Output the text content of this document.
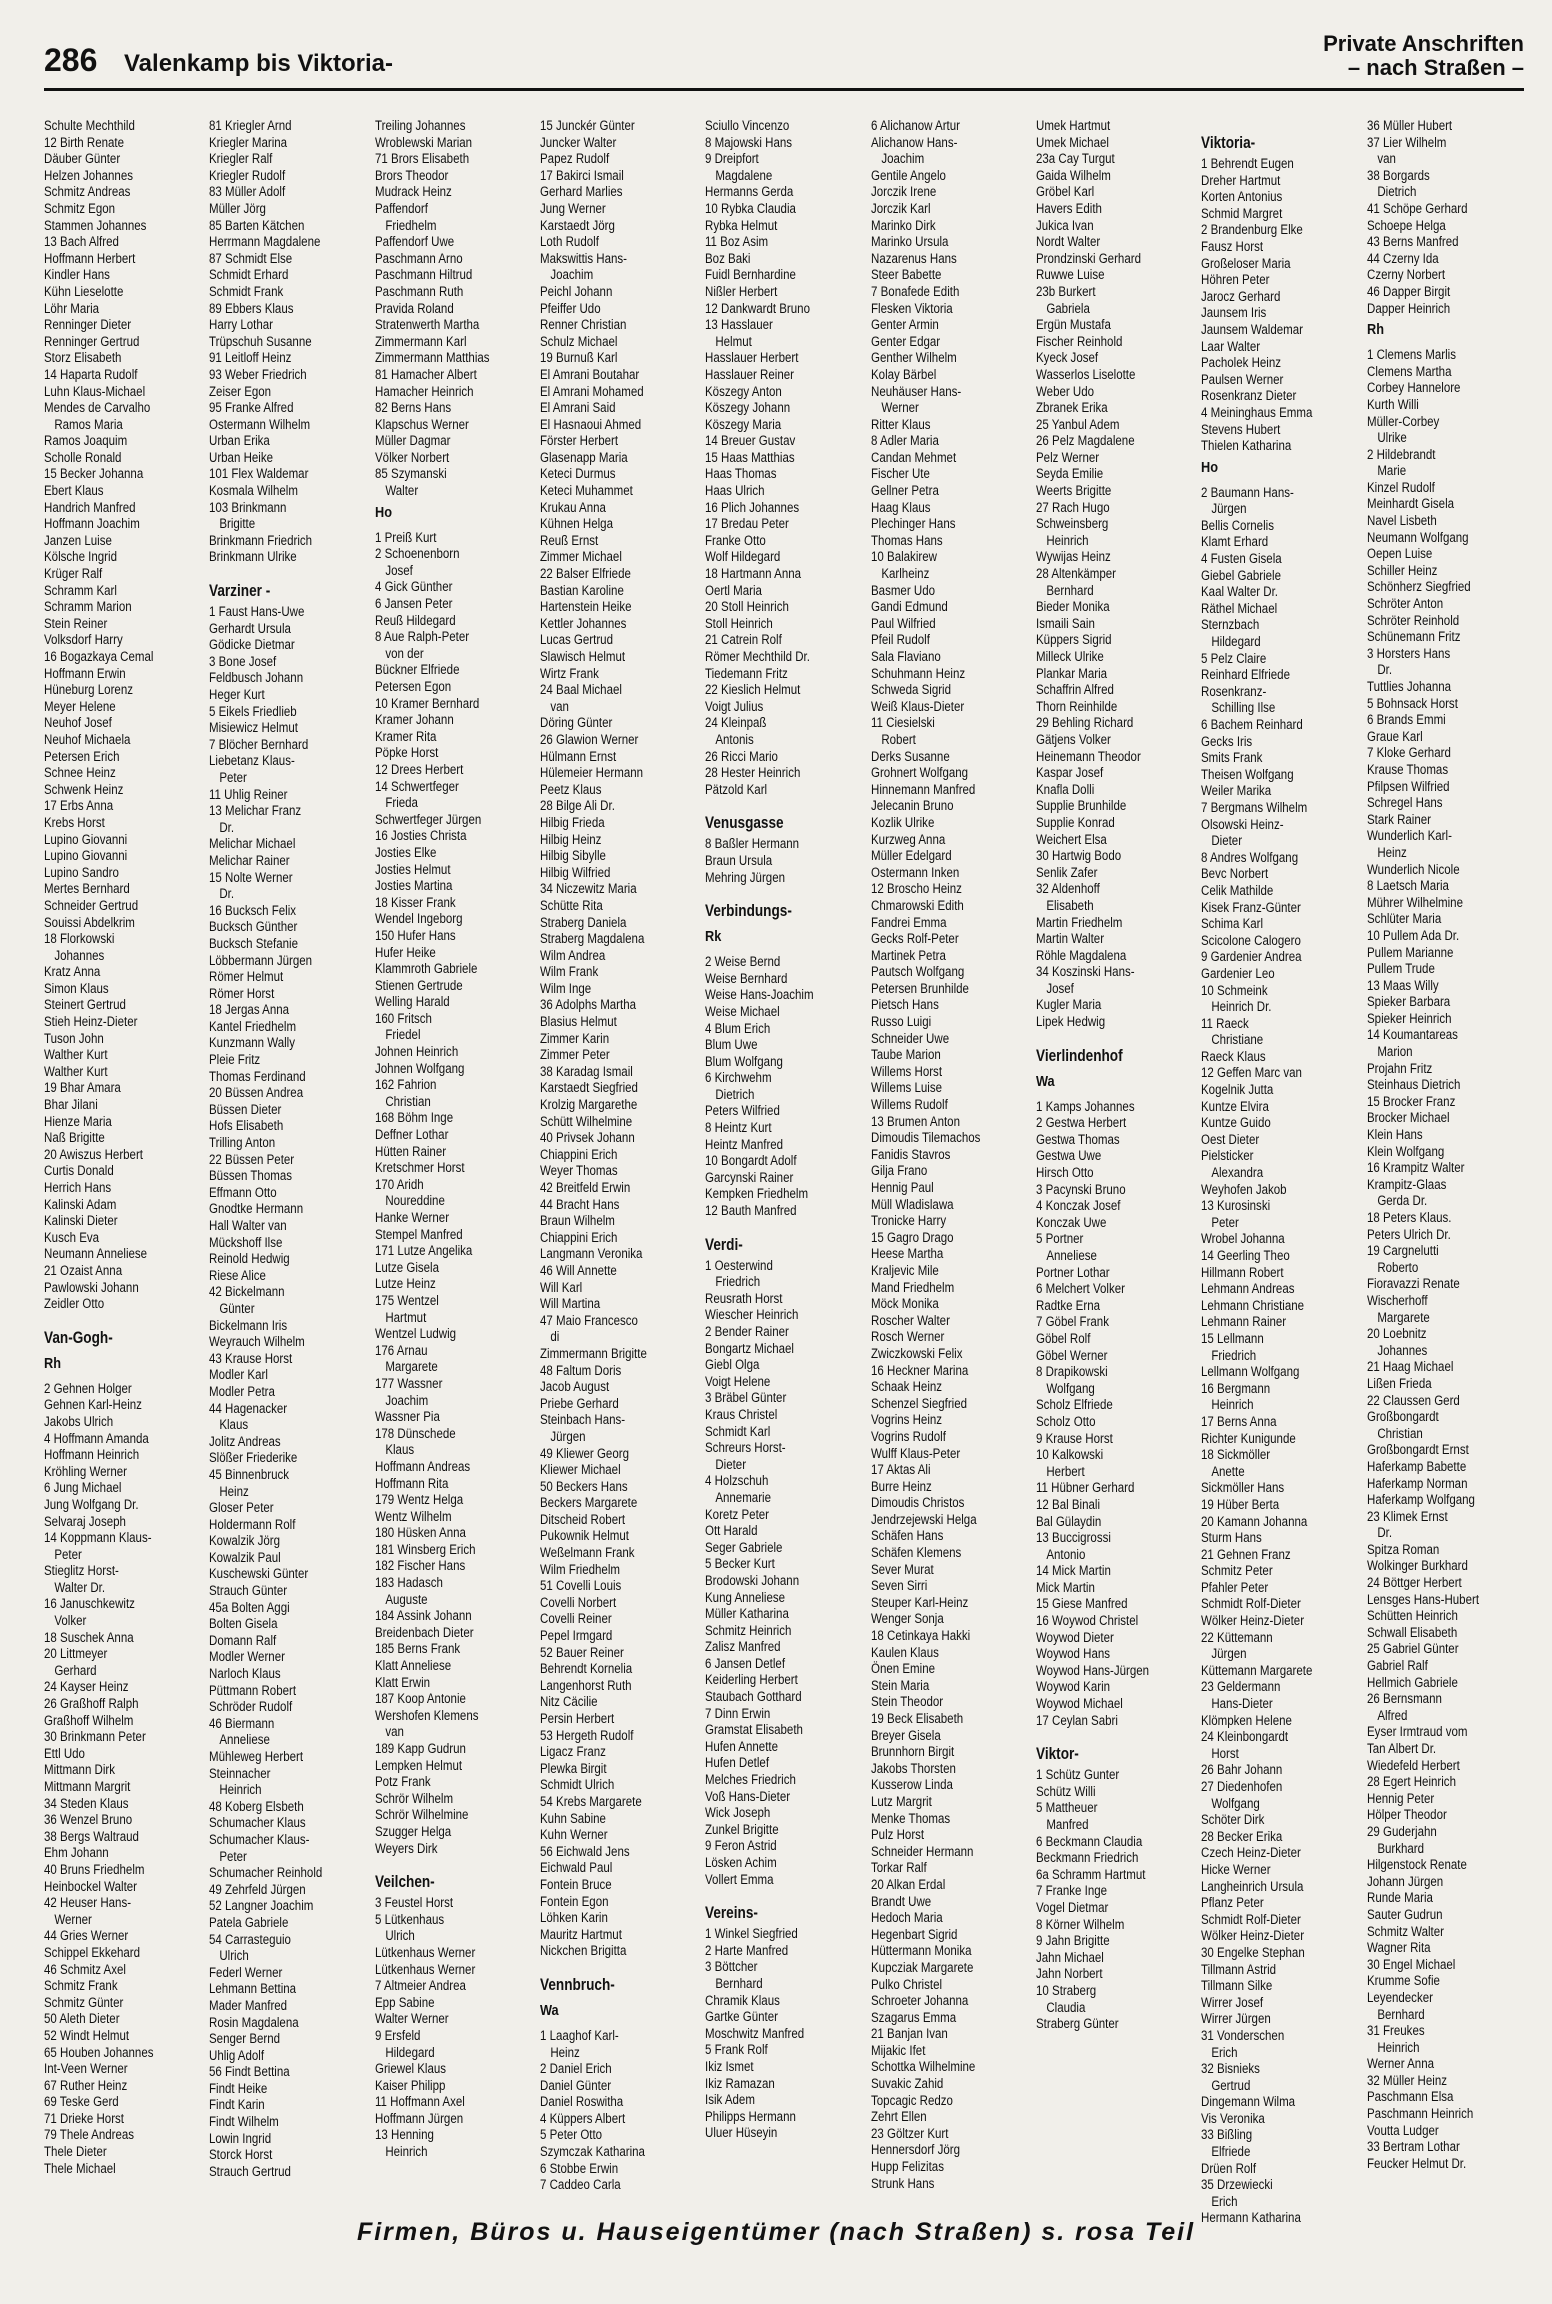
286 Valenkamp bis Viktoria-
Private Anschriften
– nach Straßen –
Schulte Mechthild
12 Birth Renate
Däuber Günter
Helzen Johannes
Schmitz Andreas
Schmitz Egon
Stammen Johannes
13 Bach Alfred
Hoffmann Herbert
Kindler Hans
Kühn Lieselotte
Löhr Maria
Renninger Dieter
Renninger Gertrud
Storz Elisabeth
14 Haparta Rudolf
Luhn Klaus-Michael
Mendes de Carvalho
Ramos Maria
Ramos Joaquim
Scholle Ronald
15 Becker Johanna
Ebert Klaus
Handrich Manfred
Hoffmann Joachim
Janzen Luise
Kölsche Ingrid
Krüger Ralf
Schramm Karl
Schramm Marion
Stein Reiner
Volksdorf Harry
16 Bogazkaya Cemal
Hoffmann Erwin
Hüneburg Lorenz
Meyer Helene
Neuhof Josef
Neuhof Michaela
Petersen Erich
Schnee Heinz
Schwenk Heinz
17 Erbs Anna
Krebs Horst
Lupino Giovanni
Lupino Giovanni
Lupino Sandro
Mertes Bernhard
Schneider Gertrud
Souissi Abdelkrim
18 Florkowski
Johannes
Kratz Anna
Simon Klaus
Steinert Gertrud
Stieh Heinz-Dieter
Tuson John
Walther Kurt
Walther Kurt
19 Bhar Amara
Bhar Jilani
Hienze Maria
Naß Brigitte
20 Awiszus Herbert
Curtis Donald
Herrich Hans
Kalinski Adam
Kalinski Dieter
Kusch Eva
Neumann Anneliese
21 Ozaist Anna
Pawlowski Johann
Zeidler Otto
Van-Gogh-
Rh
2 Gehnen Holger
Gehnen Karl-Heinz
Jakobs Ulrich
4 Hoffmann Amanda
Hoffmann Heinrich
Kröhling Werner
6 Jung Michael
Jung Wolfgang Dr.
Selvaraj Joseph
14 Koppmann Klaus-
Peter
Stieglitz Horst-
Walter Dr.
16 Januschkewitz
Volker
18 Suschek Anna
20 Littmeyer
Gerhard
24 Kayser Heinz
26 Graßhoff Ralph
Graßhoff Wilhelm
30 Brinkmann Peter
Ettl Udo
Mittmann Dirk
Mittmann Margrit
34 Steden Klaus
36 Wenzel Bruno
38 Bergs Waltraud
Ehm Johann
40 Bruns Friedhelm
Heinbockel Walter
42 Heuser Hans-
Werner
44 Gries Werner
Schippel Ekkehard
46 Schmitz Axel
Schmitz Frank
Schmitz Günter
50 Aleth Dieter
52 Windt Helmut
65 Houben Johannes
Int-Veen Werner
67 Ruther Heinz
69 Teske Gerd
71 Drieke Horst
79 Thele Andreas
Thele Dieter
Thele Michael
81 Kriegler Arnd
Kriegler Marina
Kriegler Ralf
Kriegler Rudolf
83 Müller Adolf
Müller Jörg
85 Barten Kätchen
Herrmann Magdalene
87 Schmidt Else
Schmidt Erhard
Schmidt Frank
89 Ebbers Klaus
Harry Lothar
Trüpschuh Susanne
91 Leitloff Heinz
93 Weber Friedrich
Zeiser Egon
95 Franke Alfred
Ostermann Wilhelm
Urban Erika
Urban Heike
101 Flex Waldemar
Kosmala Wilhelm
103 Brinkmann
Brigitte
Brinkmann Friedrich
Brinkmann Ulrike
Varziner -
1 Faust Hans-Uwe
Gerhardt Ursula
Gödicke Dietmar
3 Bone Josef
Feldbusch Johann
Heger Kurt
5 Eikels Friedlieb
Misiewicz Helmut
7 Blöcher Bernhard
Liebetanz Klaus-
Peter
11 Uhlig Reiner
13 Melichar Franz
Dr.
Melichar Michael
Melichar Rainer
15 Nolte Werner
Dr.
16 Bucksch Felix
Bucksch Günther
Bucksch Stefanie
Löbbermann Jürgen
Römer Helmut
Römer Horst
18 Jergas Anna
Kantel Friedhelm
Kunzmann Wally
Pleie Fritz
Thomas Ferdinand
20 Büssen Andrea
Büssen Dieter
Hofs Elisabeth
Trilling Anton
22 Büssen Peter
Büssen Thomas
Effmann Otto
Gnodtke Hermann
Hall Walter van
Mückshoff Ilse
Reinold Hedwig
Riese Alice
42 Bickelmann
Günter
Bickelmann Iris
Weyrauch Wilhelm
43 Krause Horst
Modler Karl
Modler Petra
44 Hagenacker
Klaus
Jolitz Andreas
Slößer Friederike
45 Binnenbruck
Heinz
Gloser Peter
Holdermann Rolf
Kowalzik Jörg
Kowalzik Paul
Kuschewski Günter
Strauch Günter
45a Bolten Aggi
Bolten Gisela
Domann Ralf
Modler Werner
Narloch Klaus
Püttmann Robert
Schröder Rudolf
46 Biermann
Anneliese
Mühleweg Herbert
Steinnacher
Heinrich
48 Koberg Elsbeth
Schumacher Klaus
Schumacher Klaus-
Peter
Schumacher Reinhold
49 Zehrfeld Jürgen
52 Langner Joachim
Patela Gabriele
54 Carrasteguio
Ulrich
Federl Werner
Lehmann Bettina
Mader Manfred
Rosin Magdalena
Senger Bernd
Uhlig Adolf
56 Findt Bettina
Findt Heike
Findt Karin
Findt Wilhelm
Lowin Ingrid
Storck Horst
Strauch Gertrud
Treiling Johannes
Wroblewski Marian
71 Brors Elisabeth
Brors Theodor
Mudrack Heinz
Paffendorf
Friedhelm
Paffendorf Uwe
Paschmann Arno
Paschmann Hiltrud
Paschmann Ruth
Pravida Roland
Stratenwerth Martha
Zimmermann Karl
Zimmermann Matthias
81 Hamacher Albert
Hamacher Heinrich
82 Berns Hans
Klapschus Werner
Müller Dagmar
Völker Norbert
85 Szymanski
Walter
Ho
1 Preiß Kurt
2 Schoenenborn
Josef
4 Gick Günther
6 Jansen Peter
Reuß Hildegard
8 Aue Ralph-Peter
von der
Bückner Elfriede
Petersen Egon
10 Kramer Bernhard
Kramer Johann
Kramer Rita
Pöpke Horst
12 Drees Herbert
14 Schwertfeger
Frieda
Schwertfeger Jürgen
16 Josties Christa
Josties Elke
Josties Helmut
Josties Martina
18 Kisser Frank
Wendel Ingeborg
150 Hufer Hans
Hufer Heike
Klammroth Gabriele
Stienen Gertrude
Welling Harald
160 Fritsch
Friedel
Johnen Heinrich
Johnen Wolfgang
162 Fahrion
Christian
168 Böhm Inge
Deffner Lothar
Hütten Rainer
Kretschmer Horst
170 Aridh
Noureddine
Hanke Werner
Stempel Manfred
171 Lutze Angelika
Lutze Gisela
Lutze Heinz
175 Wentzel
Hartmut
Wentzel Ludwig
176 Arnau
Margarete
177 Wassner
Joachim
Wassner Pia
178 Dünschede
Klaus
Hoffmann Andreas
Hoffmann Rita
179 Wentz Helga
Wentz Wilhelm
180 Hüsken Anna
181 Winsberg Erich
182 Fischer Hans
183 Hadasch
Auguste
184 Assink Johann
Breidenbach Dieter
185 Berns Frank
Klatt Anneliese
Klatt Erwin
187 Koop Antonie
Wershofen Klemens
van
189 Kapp Gudrun
Lempken Helmut
Potz Frank
Schrör Wilhelm
Schrör Wilhelmine
Szugger Helga
Weyers Dirk
Veilchen-
3 Feustel Horst
5 Lütkenhaus
Ulrich
Lütkenhaus Werner
Lütkenhaus Werner
7 Altmeier Andrea
Epp Sabine
Walter Werner
9 Ersfeld
Hildegard
Griewel Klaus
Kaiser Philipp
11 Hoffmann Axel
Hoffmann Jürgen
13 Henning
Heinrich
15 Junckér Günter
Juncker Walter
Papez Rudolf
17 Bakirci Ismail
Gerhard Marlies
Jung Werner
Karstaedt Jörg
Loth Rudolf
Makswittis Hans-
Joachim
Peichl Johann
Pfeiffer Udo
Renner Christian
Schulz Michael
19 Burnuß Karl
El Amrani Boutahar
El Amrani Mohamed
El Amrani Said
El Hasnaoui Ahmed
Förster Herbert
Glasenapp Maria
Keteci Durmus
Keteci Muhammet
Krukau Anna
Kühnen Helga
Reuß Ernst
Zimmer Michael
22 Balser Elfriede
Bastian Karoline
Hartenstein Heike
Kettler Johannes
Lucas Gertrud
Slawisch Helmut
Wirtz Frank
24 Baal Michael
van
Döring Günter
26 Glawion Werner
Hülmann Ernst
Hülemeier Hermann
Peetz Klaus
28 Bilge Ali Dr.
Hilbig Frieda
Hilbig Heinz
Hilbig Sibylle
Hilbig Wilfried
34 Niczewitz Maria
Schütte Rita
Straberg Daniela
Straberg Magdalena
Wilm Andrea
Wilm Frank
Wilm Inge
36 Adolphs Martha
Blasius Helmut
Zimmer Karin
Zimmer Peter
38 Karadag Ismail
Karstaedt Siegfried
Krolzig Margarethe
Schütt Wilhelmine
40 Privsek Johann
Chiappini Erich
Weyer Thomas
42 Breitfeld Erwin
44 Bracht Hans
Braun Wilhelm
Chiappini Erich
Langmann Veronika
46 Will Annette
Will Karl
Will Martina
47 Maio Francesco
di
Zimmermann Brigitte
48 Faltum Doris
Jacob August
Priebe Gerhard
Steinbach Hans-
Jürgen
49 Kliewer Georg
Kliewer Michael
50 Beckers Hans
Beckers Margarete
Ditscheid Robert
Pukownik Helmut
Weßelmann Frank
Wilm Friedhelm
51 Covelli Louis
Covelli Norbert
Covelli Reiner
Pepel Irmgard
52 Bauer Reiner
Behrendt Kornelia
Langenhorst Ruth
Nitz Cäcilie
Persin Herbert
53 Hergeth Rudolf
Ligacz Franz
Plewka Birgit
Schmidt Ulrich
54 Krebs Margarete
Kuhn Sabine
Kuhn Werner
56 Eichwald Jens
Eichwald Paul
Fontein Bruce
Fontein Egon
Löhken Karin
Mauritz Hartmut
Nickchen Brigitta
Vennbruch-
Wa
1 Laaghof Karl-
Heinz
2 Daniel Erich
Daniel Günter
Daniel Roswitha
4 Küppers Albert
5 Peter Otto
Szymczak Katharina
6 Stobbe Erwin
7 Caddeo Carla
Sciullo Vincenzo
8 Majowski Hans
9 Dreipfort
Magdalene
Hermanns Gerda
10 Rybka Claudia
Rybka Helmut
11 Boz Asim
Boz Baki
Fuidl Bernhardine
Nißler Herbert
12 Dankwardt Bruno
13 Hasslauer
Helmut
Hasslauer Herbert
Hasslauer Reiner
Köszegy Anton
Köszegy Johann
Köszegy Maria
14 Breuer Gustav
15 Haas Matthias
Haas Thomas
Haas Ulrich
16 Plich Johannes
17 Bredau Peter
Franke Otto
Wolf Hildegard
18 Hartmann Anna
Oertl Maria
20 Stoll Heinrich
Stoll Heinrich
21 Catrein Rolf
Römer Mechthild Dr.
Tiedemann Fritz
22 Kieslich Helmut
Voigt Julius
24 Kleinpaß
Antonis
26 Ricci Mario
28 Hester Heinrich
Pätzold Karl
Venusgasse
8 Baßler Hermann
Braun Ursula
Mehring Jürgen
Verbindungs-
Rk
2 Weise Bernd
Weise Bernhard
Weise Hans-Joachim
Weise Michael
4 Blum Erich
Blum Uwe
Blum Wolfgang
6 Kirchwehm
Dietrich
Peters Wilfried
8 Heintz Kurt
Heintz Manfred
10 Bongardt Adolf
Garcynski Rainer
Kempken Friedhelm
12 Bauth Manfred
Verdi-
1 Oesterwind
Friedrich
Reusrath Horst
Wiescher Heinrich
2 Bender Rainer
Bongartz Michael
Giebl Olga
Voigt Helene
3 Bräbel Günter
Kraus Christel
Schmidt Karl
Schreurs Horst-
Dieter
4 Holzschuh
Annemarie
Koretz Peter
Ott Harald
Seger Gabriele
5 Becker Kurt
Brodowski Johann
Kung Anneliese
Müller Katharina
Schmitz Heinrich
Zalisz Manfred
6 Jansen Detlef
Keiderling Herbert
Staubach Gotthard
7 Dinn Erwin
Gramstat Elisabeth
Hufen Annette
Hufen Detlef
Melches Friedrich
Voß Hans-Dieter
Wick Joseph
Zunkel Brigitte
9 Feron Astrid
Lösken Achim
Vollert Emma
Vereins-
1 Winkel Siegfried
2 Harte Manfred
3 Böttcher
Bernhard
Chramik Klaus
Gartke Günter
Moschwitz Manfred
5 Frank Rolf
Ikiz Ismet
Ikiz Ramazan
Isik Adem
Philipps Hermann
Uluer Hüseyin
6 Alichanow Artur
Alichanow Hans-
Joachim
Gentile Angelo
Jorczik Irene
Jorczik Karl
Marinko Dirk
Marinko Ursula
Nazarenus Hans
Steer Babette
7 Bonafede Edith
Flesken Viktoria
Genter Armin
Genter Edgar
Genther Wilhelm
Kolay Bärbel
Neuhäuser Hans-
Werner
Ritter Klaus
8 Adler Maria
Candan Mehmet
Fischer Ute
Gellner Petra
Haag Klaus
Plechinger Hans
Thomas Hans
10 Balakirew
Karlheinz
Basmer Udo
Gandi Edmund
Paul Wilfried
Pfeil Rudolf
Sala Flaviano
Schuhmann Heinz
Schweda Sigrid
Weiß Klaus-Dieter
11 Ciesielski
Robert
Derks Susanne
Grohnert Wolfgang
Hinnemann Manfred
Jelecanin Bruno
Kozlik Ulrike
Kurzweg Anna
Müller Edelgard
Ostermann Inken
12 Broscho Heinz
Chmarowski Edith
Fandrei Emma
Gecks Rolf-Peter
Martinek Petra
Pautsch Wolfgang
Petersen Brunhilde
Pietsch Hans
Russo Luigi
Schneider Uwe
Taube Marion
Willems Horst
Willems Luise
Willems Rudolf
13 Brumen Anton
Dimoudis Tilemachos
Fanidis Stavros
Gilja Frano
Hennig Paul
Müll Wladislawa
Tronicke Harry
15 Gagro Drago
Heese Martha
Kraljevic Mile
Mand Friedhelm
Möck Monika
Roscher Walter
Rosch Werner
Zwiczkowski Felix
16 Heckner Marina
Schaak Heinz
Schenzel Siegfried
Vogrins Heinz
Vogrins Rudolf
Wulff Klaus-Peter
17 Aktas Ali
Burre Heinz
Dimoudis Christos
Jendrzejewski Helga
Schäfen Hans
Schäfen Klemens
Sever Murat
Seven Sirri
Steuper Karl-Heinz
Wenger Sonja
18 Cetinkaya Hakki
Kaulen Klaus
Önen Emine
Stein Maria
Stein Theodor
19 Beck Elisabeth
Breyer Gisela
Brunnhorn Birgit
Jakobs Thorsten
Kusserow Linda
Lutz Margrit
Menke Thomas
Pulz Horst
Schneider Hermann
Torkar Ralf
20 Alkan Erdal
Brandt Uwe
Hedoch Maria
Hegenbart Sigrid
Hüttermann Monika
Kupcziak Margarete
Pulko Christel
Schroeter Johanna
Szagarus Emma
21 Banjan Ivan
Mijakic Ifet
Schottka Wilhelmine
Suvakic Zahid
Topcagic Redzo
Zehrt Ellen
23 Göltzer Kurt
Hennersdorf Jörg
Hupp Felizitas
Strunk Hans
Umek Hartmut
Umek Michael
23a Cay Turgut
Gaida Wilhelm
Gröbel Karl
Havers Edith
Jukica Ivan
Nordt Walter
Prondzinski Gerhard
Ruwwe Luise
23b Burkert
Gabriela
Ergün Mustafa
Fischer Reinhold
Kyeck Josef
Wasserlos Liselotte
Weber Udo
Zbranek Erika
25 Yanbul Adem
26 Pelz Magdalene
Pelz Werner
Seyda Emilie
Weerts Brigitte
27 Rach Hugo
Schweinsberg
Heinrich
Wywijas Heinz
28 Altenkämper
Bernhard
Bieder Monika
Ismaili Sain
Küppers Sigrid
Milleck Ulrike
Plankar Maria
Schaffrin Alfred
Thorn Reinhilde
29 Behling Richard
Gätjens Volker
Heinemann Theodor
Kaspar Josef
Knafla Dolli
Supplie Brunhilde
Supplie Konrad
Weichert Elsa
30 Hartwig Bodo
Senlik Zafer
32 Aldenhoff
Elisabeth
Martin Friedhelm
Martin Walter
Röhle Magdalena
34 Koszinski Hans-
Josef
Kugler Maria
Lipek Hedwig
Vierlindenhof
Wa
1 Kamps Johannes
2 Gestwa Herbert
Gestwa Thomas
Gestwa Uwe
Hirsch Otto
3 Pacynski Bruno
4 Konczak Josef
Konczak Uwe
5 Portner
Anneliese
Portner Lothar
6 Melchert Volker
Radtke Erna
7 Göbel Frank
Göbel Rolf
Göbel Werner
8 Drapikowski
Wolfgang
Scholz Elfriede
Scholz Otto
9 Krause Horst
10 Kalkowski
Herbert
11 Hübner Gerhard
12 Bal Binali
Bal Gülaydin
13 Buccigrossi
Antonio
14 Mick Martin
Mick Martin
15 Giese Manfred
16 Woywod Christel
Woywod Dieter
Woywod Hans
Woywod Hans-Jürgen
Woywod Karin
Woywod Michael
17 Ceylan Sabri
Viktor-
1 Schütz Gunter
Schütz Willi
5 Mattheuer
Manfred
6 Beckmann Claudia
Beckmann Friedrich
6a Schramm Hartmut
7 Franke Inge
Vogel Dietmar
8 Körner Wilhelm
9 Jahn Brigitte
Jahn Michael
Jahn Norbert
10 Straberg
Claudia
Straberg Günter
Viktoria-
1 Behrendt Eugen
Dreher Hartmut
Korten Antonius
Schmid Margret
2 Brandenburg Elke
Fausz Horst
Großeloser Maria
Höhren Peter
Jarocz Gerhard
Jaunsem Iris
Jaunsem Waldemar
Laar Walter
Pacholek Heinz
Paulsen Werner
Rosenkranz Dieter
4 Meininghaus Emma
Stevens Hubert
Thielen Katharina
Ho
2 Baumann Hans-
Jürgen
Bellis Cornelis
Klamt Erhard
4 Fusten Gisela
Giebel Gabriele
Kaal Walter Dr.
Räthel Michael
Sternzbach
Hildegard
5 Pelz Claire
Reinhard Elfriede
Rosenkranz-
Schilling Ilse
6 Bachem Reinhard
Gecks Iris
Smits Frank
Theisen Wolfgang
Weiler Marika
7 Bergmans Wilhelm
Olsowski Heinz-
Dieter
8 Andres Wolfgang
Bevc Norbert
Celik Mathilde
Kisek Franz-Günter
Schima Karl
Scicolone Calogero
9 Gardenier Andrea
Gardenier Leo
10 Schmeink
Heinrich Dr.
11 Raeck
Christiane
Raeck Klaus
12 Geffen Marc van
Kogelnik Jutta
Kuntze Elvira
Kuntze Guido
Oest Dieter
Pielsticker
Alexandra
Weyhofen Jakob
13 Kurosinski
Peter
Wrobel Johanna
14 Geerling Theo
Hillmann Robert
Lehmann Andreas
Lehmann Christiane
Lehmann Rainer
15 Lellmann
Friedrich
Lellmann Wolfgang
16 Bergmann
Heinrich
17 Berns Anna
Richter Kunigunde
18 Sickmöller
Anette
Sickmöller Hans
19 Hüber Berta
20 Kamann Johanna
Sturm Hans
21 Gehnen Franz
Schmitz Peter
Pfahler Peter
Schmidt Rolf-Dieter
Wölker Heinz-Dieter
22 Küttemann
Jürgen
Küttemann Margarete
23 Geldermann
Hans-Dieter
Klömpken Helene
24 Kleinbongardt
Horst
26 Bahr Johann
27 Diedenhofen
Wolfgang
Schöter Dirk
28 Becker Erika
Czech Heinz-Dieter
Hicke Werner
Langheinrich Ursula
Pflanz Peter
Schmidt Rolf-Dieter
Wölker Heinz-Dieter
30 Engelke Stephan
Tillmann Astrid
Tillmann Silke
Wirrer Josef
Wirrer Jürgen
31 Vonderschen
Erich
32 Bisnieks
Gertrud
Dingemann Wilma
Vis Veronika
33 Bißling
Elfriede
Drüen Rolf
35 Drzewiecki
Erich
Hermann Katharina
36 Müller Hubert
37 Lier Wilhelm
van
38 Borgards
Dietrich
41 Schöpe Gerhard
Schoepe Helga
43 Berns Manfred
44 Czerny Ida
Czerny Norbert
46 Dapper Birgit
Dapper Heinrich
Rh
1 Clemens Marlis
Clemens Martha
Corbey Hannelore
Kurth Willi
Müller-Corbey
Ulrike
2 Hildebrandt
Marie
Kinzel Rudolf
Meinhardt Gisela
Navel Lisbeth
Neumann Wolfgang
Oepen Luise
Schiller Heinz
Schönherz Siegfried
Schröter Anton
Schröter Reinhold
Schünemann Fritz
3 Horsters Hans
Dr.
Tuttlies Johanna
5 Bohnsack Horst
6 Brands Emmi
Graue Karl
7 Kloke Gerhard
Krause Thomas
Pfilpsen Wilfried
Schregel Hans
Stark Rainer
Wunderlich Karl-
Heinz
Wunderlich Nicole
8 Laetsch Maria
Mührer Wilhelmine
Schlüter Maria
10 Pullem Ada Dr.
Pullem Marianne
Pullem Trude
13 Maas Willy
Spieker Barbara
Spieker Heinrich
14 Koumantareas
Marion
Projahn Fritz
Steinhaus Dietrich
15 Brocker Franz
Brocker Michael
Klein Hans
Klein Wolfgang
16 Krampitz Walter
Krampitz-Glaas
Gerda Dr.
18 Peters Klaus.
Peters Ulrich Dr.
19 Cargnelutti
Roberto
Fioravazzi Renate
Wischerhoff
Margarete
20 Loebnitz
Johannes
21 Haag Michael
Lißen Frieda
22 Claussen Gerd
Großbongardt
Christian
Großbongardt Ernst
Haferkamp Babette
Haferkamp Norman
Haferkamp Wolfgang
23 Klimek Ernst
Dr.
Spitza Roman
Wolkinger Burkhard
24 Böttger Herbert
Lensges Hans-Hubert
Schütten Heinrich
Schwall Elisabeth
25 Gabriel Günter
Gabriel Ralf
Hellmich Gabriele
26 Bernsmann
Alfred
Eyser Irmtraud vom
Tan Albert Dr.
Wiedefeld Herbert
28 Egert Heinrich
Hennig Peter
Hölper Theodor
29 Guderjahn
Burkhard
Hilgenstock Renate
Johann Jürgen
Runde Maria
Sauter Gudrun
Schmitz Walter
Wagner Rita
30 Engel Michael
Krumme Sofie
Leyendecker
Bernhard
31 Freukes
Heinrich
Werner Anna
32 Müller Heinz
Paschmann Elsa
Paschmann Heinrich
Voutta Ludger
33 Bertram Lothar
Feucker Helmut Dr.
Firmen, Büros u. Hauseigentümer (nach Straßen) s. rosa Teil
